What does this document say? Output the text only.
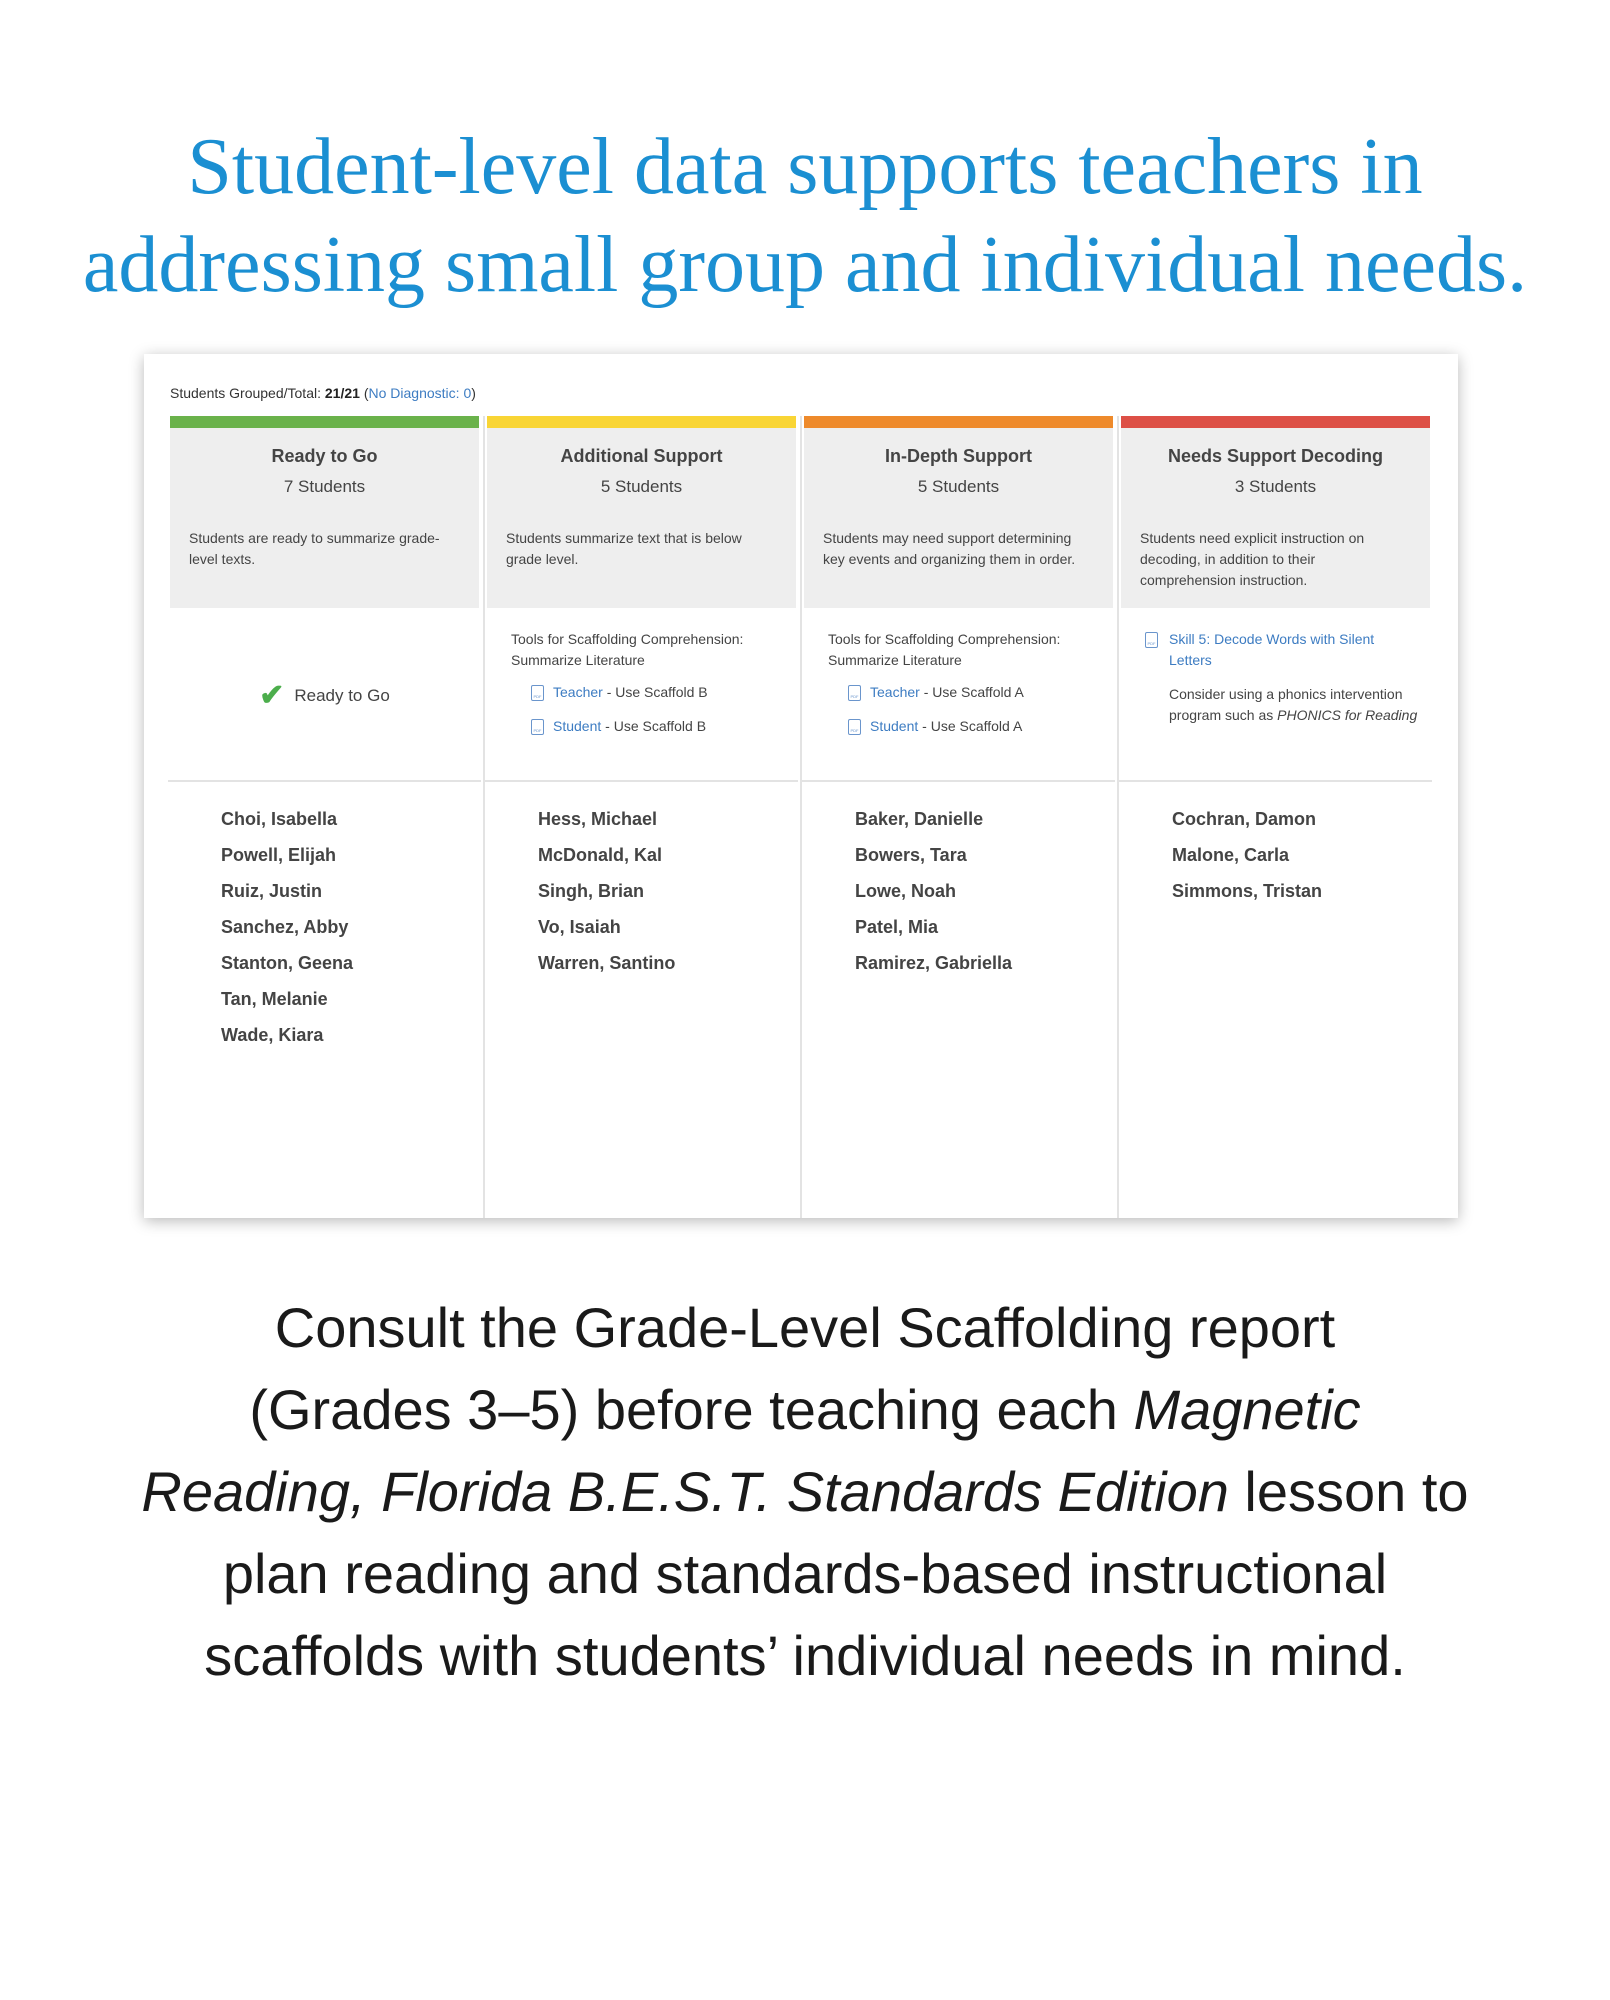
Student-level data supports teachers in
addressing small group and individual needs.
Students Grouped/Total: 21/21 (No Diagnostic: 0)
Ready to Go
7 Students
Students are ready to summarize grade-level texts.
✔ Ready to Go
Choi, Isabella
Powell, Elijah
Ruiz, Justin
Sanchez, Abby
Stanton, Geena
Tan, Melanie
Wade, Kiara
Additional Support
5 Students
Students summarize text that is below grade level.
Tools for Scaffolding Comprehension: Summarize Literature
PDFTeacher - Use Scaffold B
PDFStudent - Use Scaffold B
Hess, Michael
McDonald, Kal
Singh, Brian
Vo, Isaiah
Warren, Santino
In-Depth Support
5 Students
Students may need support determining key events and organizing them in order.
Tools for Scaffolding Comprehension: Summarize Literature
PDFTeacher - Use Scaffold A
PDFStudent - Use Scaffold A
Baker, Danielle
Bowers, Tara
Lowe, Noah
Patel, Mia
Ramirez, Gabriella
Needs Support Decoding
3 Students
Students need explicit instruction on decoding, in addition to their comprehension instruction.
PDF
Skill 5: Decode Words with Silent Letters
Consider using a phonics intervention program such as PHONICS for Reading
Cochran, Damon
Malone, Carla
Simmons, Tristan
Consult the Grade-Level Scaffolding report
(Grades 3–5) before teaching each Magnetic
Reading, Florida B.E.S.T. Standards Edition lesson to
plan reading and standards-based instructional
scaffolds with students’ individual needs in mind.
